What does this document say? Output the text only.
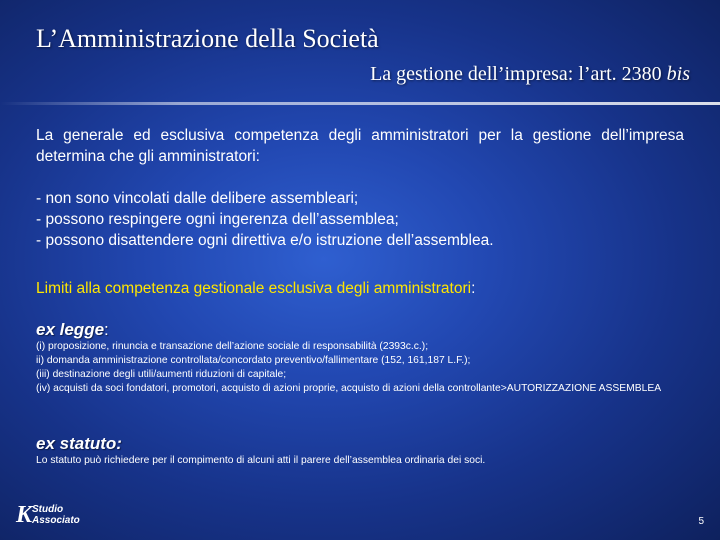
L’Amministrazione della Società
La gestione dell’impresa: l’art. 2380 bis
La generale ed esclusiva competenza degli amministratori per la gestione dell’impresa determina che gli amministratori:
- non sono vincolati dalle delibere assembleari;
- possono respingere ogni ingerenza dell’assemblea;
- possono disattendere ogni direttiva e/o istruzione dell’assemblea.
Limiti alla competenza gestionale esclusiva degli amministratori:
ex legge:
(i) proposizione, rinuncia e transazione dell’azione sociale di responsabilità (2393c.c.);
ii) domanda amministrazione controllata/concordato preventivo/fallimentare (152, 161,187 L.F.);
(iii) destinazione degli utili/aumenti riduzioni di capitale;
(iv) acquisti da soci fondatori, promotori, acquisto di azioni proprie, acquisto di azioni della controllante>AUTORIZZAZIONE ASSEMBLEA
ex statuto:
Lo statuto può richiedere per il compimento di alcuni atti il parere dell’assemblea ordinaria dei soci.
K Studio
Associato	5
